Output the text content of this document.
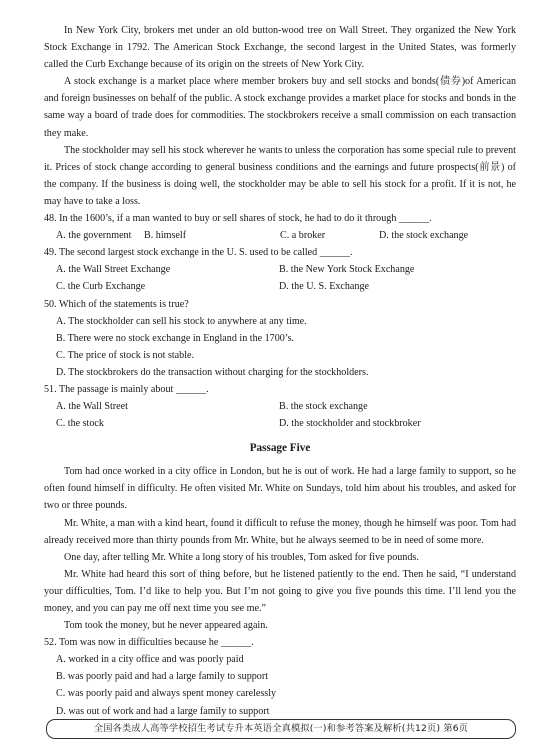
In New York City, brokers met under an old button-wood tree on Wall Street. They organized the New York Stock Exchange in 1792. The American Stock Exchange, the second largest in the United States, was formerly called the Curb Exchange because of its origin on the streets of New York City.

A stock exchange is a market place where member brokers buy and sell stocks and bonds(债券)of American and foreign businesses on behalf of the public. A stock exchange provides a market place for stocks and bonds in the same way a board of trade does for commodities. The stockbrokers receive a small commission on each transaction they make.

The stockholder may sell his stock wherever he wants to unless the corporation has some special rule to prevent it. Prices of stock change according to general business conditions and the earnings and future prospects(前景) of the company. If the business is doing well, the stockholder may be able to sell his stock for a profit. If it is not, he may have to take a loss.

48. In the 1600’s, if a man wanted to buy or sell shares of stock, he had to do it through ______.

A. the government	B. himself	C. a broker	D. the stock exchange

49. The second largest stock exchange in the U. S. used to be called ______.

A. the Wall Street Exchange	B. the New York Stock Exchange
C. the Curb Exchange	D. the U. S. Exchange

50. Which of the statements is true?

A. The stockholder can sell his stock to anywhere at any time.

B. There were no stock exchange in England in the 1700’s.

C. The price of stock is not stable.

D. The stockbrokers do the transaction without charging for the stockholders.

51. The passage is mainly about ______.

A. the Wall Street	B. the stock exchange
C. the stock	D. the stockholder and stockbroker
Passage Five

Tom had once worked in a city office in London, but he is out of work. He had a large family to support, so he often found himself in difficulty. He often visited Mr. White on Sundays, told him about his troubles, and asked for two or three pounds.

Mr. White, a man with a kind heart, found it difficult to refuse the money, though he himself was poor. Tom had already received more than thirty pounds from Mr. White, but he always seemed to be in need of some more.

One day, after telling Mr. White a long story of his troubles, Tom asked for five pounds.

Mr. White had heard this sort of thing before, but he listened patiently to the end. Then he said, “I understand your difficulties, Tom. I’d like to help you. But I’m not going to give you five pounds this time. I’ll lend you the money, and you can pay me off next time you see me.”

Tom took the money, but he never appeared again.

52. Tom was now in difficulties because he ______.

A. worked in a city office and was poorly paid

B. was poorly paid and had a large family to support

C. was poorly paid and always spent money carelessly

D. was out of work and had a large family to support

全国各类成人高等学校招生考试专升本英语全真模拟(一)和参考答案及解析(共12页) 第6页
